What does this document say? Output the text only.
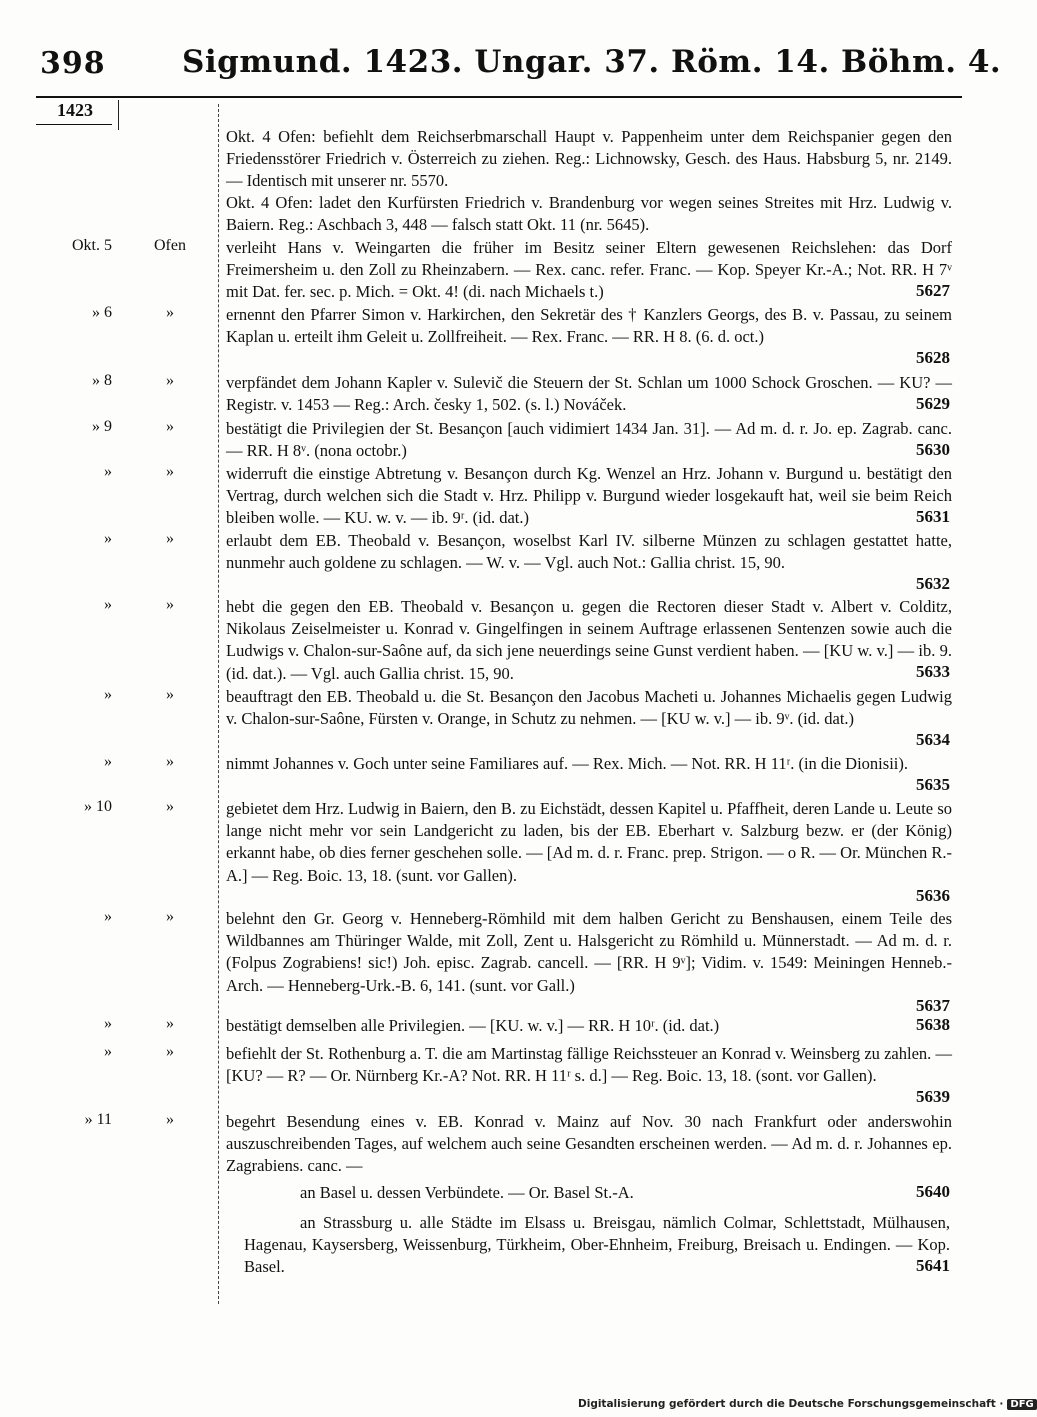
398 Sigmund. 1423. Ungar. 37. Röm. 14. Böhm. 4.
1423
Okt. 4 Ofen: befiehlt dem Reichserbmarschall Haupt v. Pappenheim unter dem Reichspanier gegen den Friedensstörer Friedrich v. Österreich zu ziehen. Reg.: Lichnowsky, Gesch. des Haus. Habsburg 5, nr. 2149. — Identisch mit unserer nr. 5570.
Okt. 4 Ofen: ladet den Kurfürsten Friedrich v. Brandenburg vor wegen seines Streites mit Hrz. Ludwig v. Baiern. Reg.: Aschbach 3, 448 — falsch statt Okt. 11 (nr. 5645).
Okt. 5	Ofen	verleiht Hans v. Weingarten die früher im Besitz seiner Eltern gewesenen Reichslehen: das Dorf Freimersheim u. den Zoll zu Rheinzabern. — Rex. canc. refer. Franc. — Kop. Speyer Kr.-A.; Not. RR. H 7ᵛ mit Dat. fer. sec. p. Mich. = Okt. 4! (di. nach Michaels t.)	5627
» 6	»	ernennt den Pfarrer Simon v. Harkirchen, den Sekretär des † Kanzlers Georgs, des B. v. Passau, zu seinem Kaplan u. erteilt ihm Geleit u. Zollfreiheit. — Rex. Franc. — RR. H 8. (6. d. oct.)
5628
» 8	»	verpfändet dem Johann Kapler v. Sulevič die Steuern der St. Schlan um 1000 Schock Groschen. — KU? — Registr. v. 1453 — Reg.: Arch. česky 1, 502. (s. l.) Nováček.	5629
» 9	»	bestätigt die Privilegien der St. Besançon [auch vidimiert 1434 Jan. 31]. — Ad m. d. r. Jo. ep. Zagrab. canc. — RR. H 8ᵛ. (nona octobr.)	5630
»	»	widerruft die einstige Abtretung v. Besançon durch Kg. Wenzel an Hrz. Johann v. Burgund u. bestätigt den Vertrag, durch welchen sich die Stadt v. Hrz. Philipp v. Burgund wieder losgekauft hat, weil sie beim Reich bleiben wolle. — KU. w. v. — ib. 9ʳ. (id. dat.)	5631
»	»	erlaubt dem EB. Theobald v. Besançon, woselbst Karl IV. silberne Münzen zu schlagen gestattet hatte, nunmehr auch goldene zu schlagen. — W. v. — Vgl. auch Not.: Gallia christ. 15, 90.
5632
»	»	hebt die gegen den EB. Theobald v. Besançon u. gegen die Rectoren dieser Stadt v. Albert v. Colditz, Nikolaus Zeiselmeister u. Konrad v. Gingelfingen in seinem Auftrage erlassenen Sentenzen sowie auch die Ludwigs v. Chalon-sur-Saône auf, da sich jene neuerdings seine Gunst verdient haben. — [KU w. v.] — ib. 9. (id. dat.). — Vgl. auch Gallia christ. 15, 90.	5633
»	»	beauftragt den EB. Theobald u. die St. Besançon den Jacobus Macheti u. Johannes Michaelis gegen Ludwig v. Chalon-sur-Saône, Fürsten v. Orange, in Schutz zu nehmen. — [KU w. v.] — ib. 9ᵛ. (id. dat.)
5634
»	»	nimmt Johannes v. Goch unter seine Familiares auf. — Rex. Mich. — Not. RR. H 11ʳ. (in die Dionisii).
5635
» 10	»	gebietet dem Hrz. Ludwig in Baiern, den B. zu Eichstädt, dessen Kapitel u. Pfaffheit, deren Lande u. Leute so lange nicht mehr vor sein Landgericht zu laden, bis der EB. Eberhart v. Salzburg bezw. er (der König) erkannt habe, ob dies ferner geschehen solle. — [Ad m. d. r. Franc. prep. Strigon. — o R. — Or. München R.-A.] — Reg. Boic. 13, 18. (sunt. vor Gallen).
5636
»	»	belehnt den Gr. Georg v. Henneberg-Römhild mit dem halben Gericht zu Benshausen, einem Teile des Wildbannes am Thüringer Walde, mit Zoll, Zent u. Halsgericht zu Römhild u. Münnerstadt. — Ad m. d. r. (Folpus Zograbiens! sic!) Joh. episc. Zagrab. cancell. — [RR. H 9ᵛ]; Vidim. v. 1549: Meiningen Henneb.-Arch. — Henneberg-Urk.-B. 6, 141. (sunt. vor Gall.)
5637
»	»	bestätigt demselben alle Privilegien. — [KU. w. v.] — RR. H 10ʳ. (id. dat.)	5638
»	»	befiehlt der St. Rothenburg a. T. die am Martinstag fällige Reichssteuer an Konrad v. Weinsberg zu zahlen. — [KU? — R? — Or. Nürnberg Kr.-A? Not. RR. H 11ʳ s. d.] — Reg. Boic. 13, 18. (sont. vor Gallen).
5639
» 11	»	begehrt Besendung eines v. EB. Konrad v. Mainz auf Nov. 30 nach Frankfurt oder anderswohin auszuschreibenden Tages, auf welchem auch seine Gesandten erscheinen werden. — Ad m. d. r. Johannes ep. Zagrabiens. canc. —
an Basel u. dessen Verbündete. — Or. Basel St.-A.	5640
an Strassburg u. alle Städte im Elsass u. Breisgau, nämlich Colmar, Schlettstadt, Mülhausen, Hagenau, Kaysersberg, Weissenburg, Türkheim, Ober-Ehnheim, Freiburg, Breisach u. Endingen. — Kop. Basel.	5641
Digitalisierung gefördert durch die Deutsche Forschungsgemeinschaft · DFG
